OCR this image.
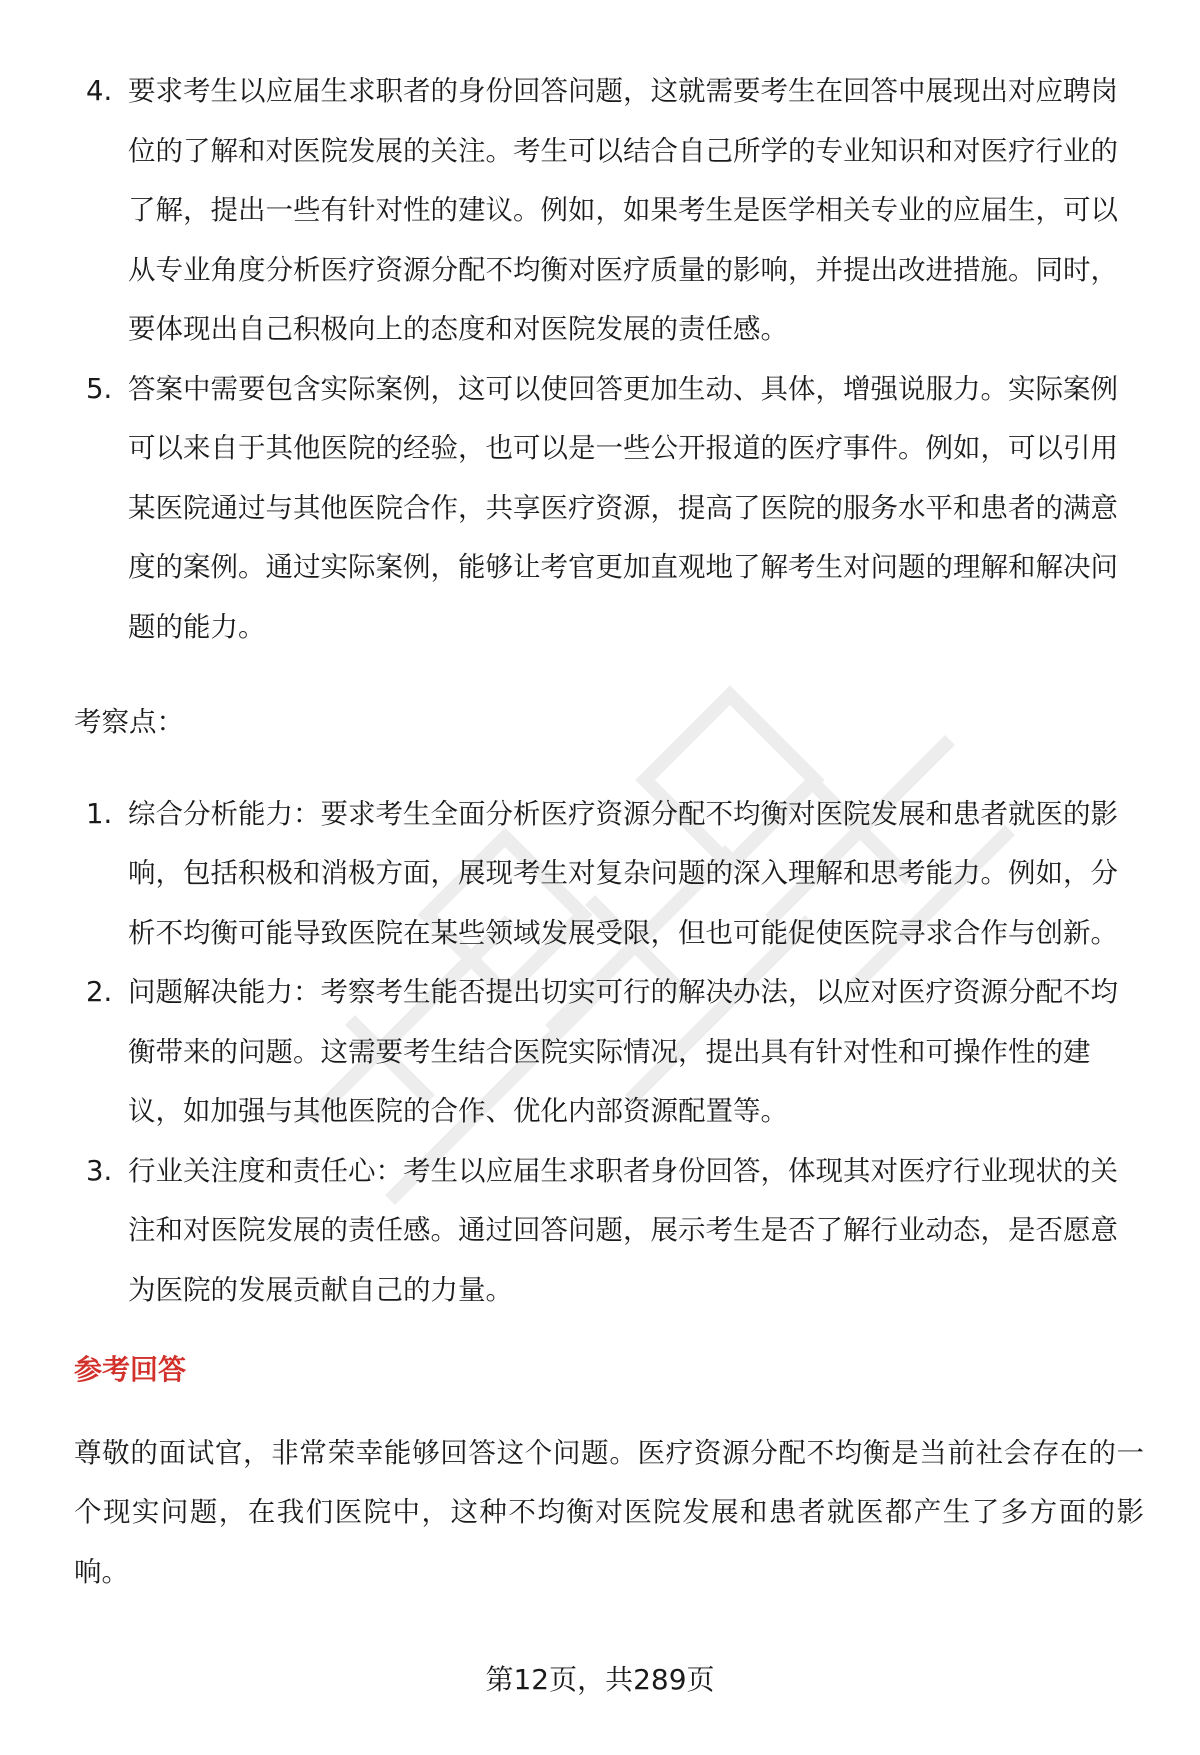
4. 要求考生以应届生求职者的身份回答问题，这就需要考生在回答中展现出对应聘岗位的了解和对医院发展的关注。考生可以结合自己所学的专业知识和对医疗行业的了解，提出一些有针对性的建议。例如，如果考生是医学相关专业的应届生，可以从专业角度分析医疗资源分配不均衡对医疗质量的影响，并提出改进措施。同时，要体现出自己积极向上的态度和对医院发展的责任感。
5. 答案中需要包含实际案例，这可以使回答更加生动、具体，增强说服力。实际案例可以来自于其他医院的经验，也可以是一些公开报道的医疗事件。例如，可以引用某医院通过与其他医院合作，共享医疗资源，提高了医院的服务水平和患者的满意度的案例。通过实际案例，能够让考官更加直观地了解考生对问题的理解和解决问题的能力。
考察点：
1. 综合分析能力：要求考生全面分析医疗资源分配不均衡对医院发展和患者就医的影响，包括积极和消极方面，展现考生对复杂问题的深入理解和思考能力。例如，分析不均衡可能导致医院在某些领域发展受限，但也可能促使医院寻求合作与创新。
2. 问题解决能力：考察考生能否提出切实可行的解决办法，以应对医疗资源分配不均衡带来的问题。这需要考生结合医院实际情况，提出具有针对性和可操作性的建议，如加强与其他医院的合作、优化内部资源配置等。
3. 行业关注度和责任心：考生以应届生求职者身份回答，体现其对医疗行业现状的关注和对医院发展的责任感。通过回答问题，展示考生是否了解行业动态，是否愿意为医院的发展贡献自己的力量。
参考回答

尊敬的面试官，非常荣幸能够回答这个问题。医疗资源分配不均衡是当前社会存在的一个现实问题，在我们医院中，这种不均衡对医院发展和患者就医都产生了多方面的影响。

第12页，共289页
